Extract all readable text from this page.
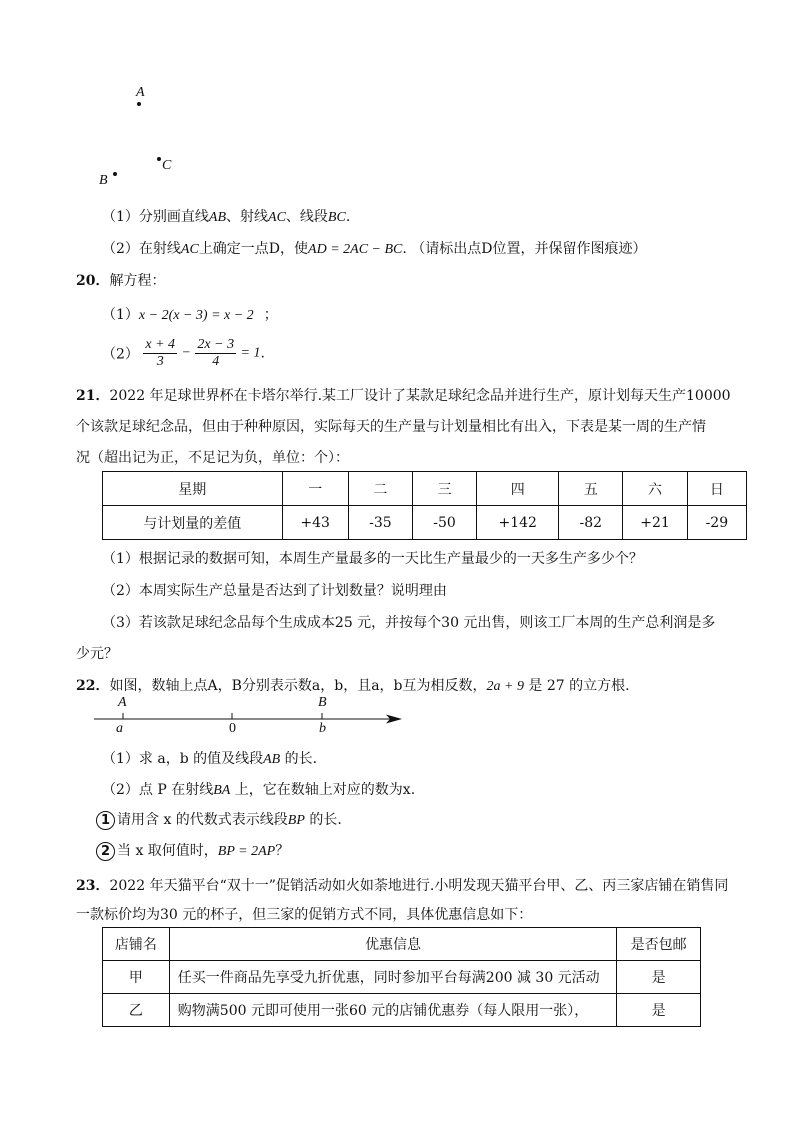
A
C
B
（1）分别画直线AB、射线AC、线段BC.
（2）在射线AC上确定一点D，使AD = 2AC − BC. （请标出点D位置，并保留作图痕迹）
20．解方程：
（1）x − 2(x − 3) = x − 2 ；
$(2) \frac{x + 4}{3} - \frac{2x - 3}{4} = 1$.
21．2022 年足球世界杯在卡塔尔举行.某工厂设计了某款足球纪念品并进行生产，原计划每天生产10000
个该款足球纪念品，但由于种种原因，实际每天的生产量与计划量相比有出入，下表是某一周的生产情
况（超出记为正，不足记为负，单位：个）：
星期	一	二	三	四	五	六	日
与计划量的差值	+43	-35	-50	+142	-82	+21	-29
（1）根据记录的数据可知，本周生产量最多的一天比生产量最少的一天多生产多少个？
（2）本周实际生产总量是否达到了计划数量？说明理由
（3）若该款足球纪念品每个生成成本25 元，并按每个30 元出售，则该工厂本周的生产总利润是多
少元？
22．如图，数轴上点A，B分别表示数a，b，且a，b互为相反数，2a + 9 是 27 的立方根.
A	B
a	0	b
（1）求 a，b 的值及线段AB 的长.
（2）点 P 在射线BA 上，它在数轴上对应的数为x.
1 请用含 x 的代数式表示线段BP 的长.
2 当 x 取何值时，BP = 2AP？
23．2022 年天猫平台“双十一”促销活动如火如荼地进行.小明发现天猫平台甲、乙、丙三家店铺在销售同
一款标价均为30 元的杯子，但三家的促销方式不同，具体优惠信息如下：
店铺名	优惠信息	是否包邮
甲	任买一件商品先享受九折优惠，同时参加平台每满200 减 30 元活动	是
乙	购物满500 元即可使用一张60 元的店铺优惠券（每人限用一张），	是
